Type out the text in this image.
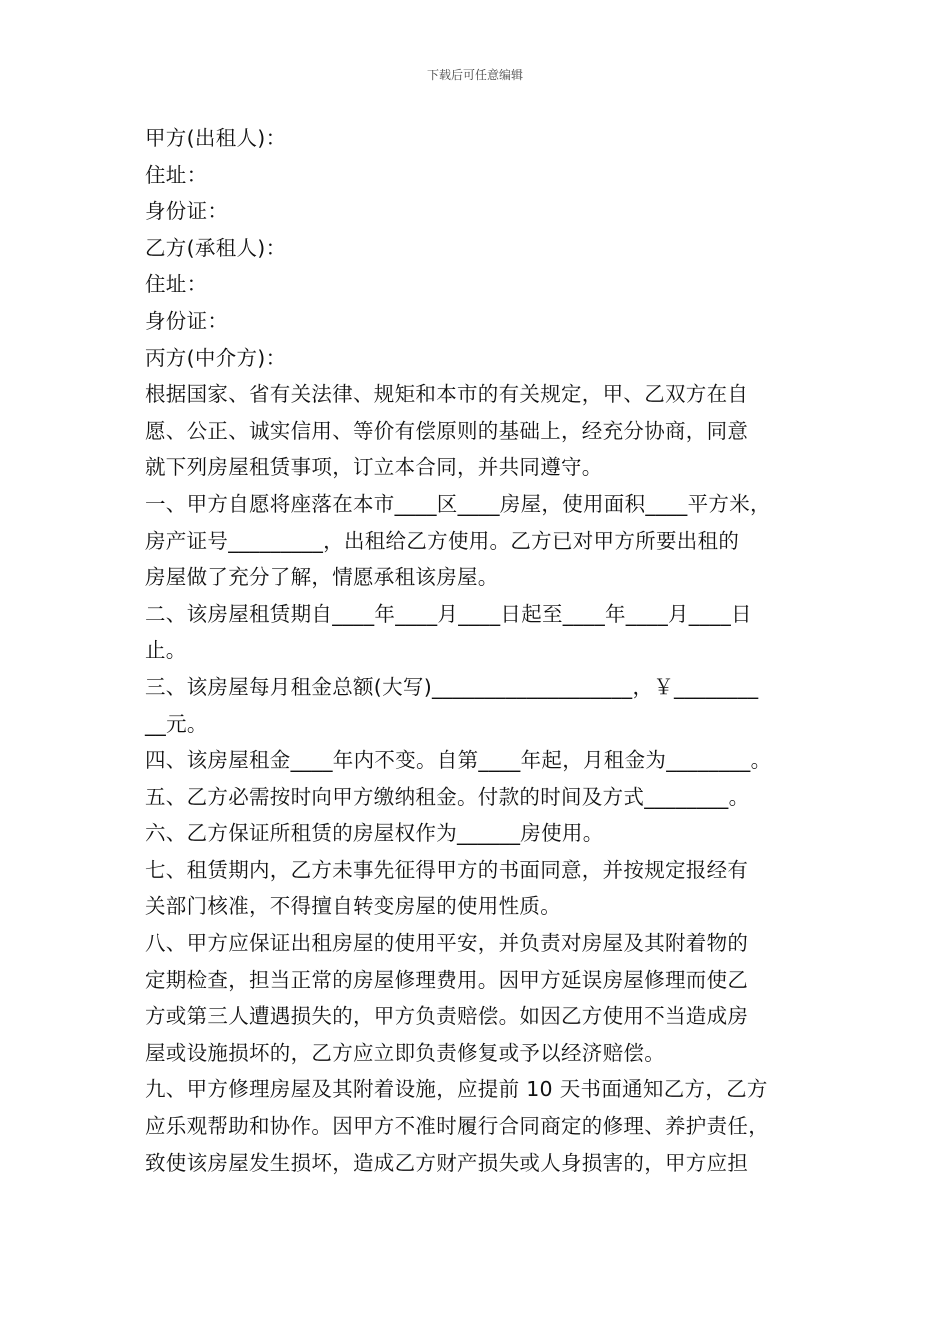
下载后可任意编辑
甲方(出租人)：
住址：
身份证：
乙方(承租人)：
住址：
身份证：
丙方(中介方)：
根据国家、省有关法律、规矩和本市的有关规定，甲、乙双方在自
愿、公正、诚实信用、等价有偿原则的基础上，经充分协商，同意
就下列房屋租赁事项，订立本合同，并共同遵守。
一、甲方自愿将座落在本市____区____房屋，使用面积____平方米，
房产证号_________，出租给乙方使用。乙方已对甲方所要出租的
房屋做了充分了解，情愿承租该房屋。
二、该房屋租赁期自____年____月____日起至____年____月____日
止。
三、该房屋每月租金总额(大写)___________________，￥________
__元。
四、该房屋租金____年内不变。自第____年起，月租金为________。
五、乙方必需按时向甲方缴纳租金。付款的时间及方式________。
六、乙方保证所租赁的房屋权作为______房使用。
七、租赁期内，乙方未事先征得甲方的书面同意，并按规定报经有
关部门核准，不得擅自转变房屋的使用性质。
八、甲方应保证出租房屋的使用平安，并负责对房屋及其附着物的
定期检查，担当正常的房屋修理费用。因甲方延误房屋修理而使乙
方或第三人遭遇损失的，甲方负责赔偿。如因乙方使用不当造成房
屋或设施损坏的，乙方应立即负责修复或予以经济赔偿。
九、甲方修理房屋及其附着设施，应提前 10 天书面通知乙方，乙方
应乐观帮助和协作。因甲方不准时履行合同商定的修理、养护责任，
致使该房屋发生损坏，造成乙方财产损失或人身损害的，甲方应担
